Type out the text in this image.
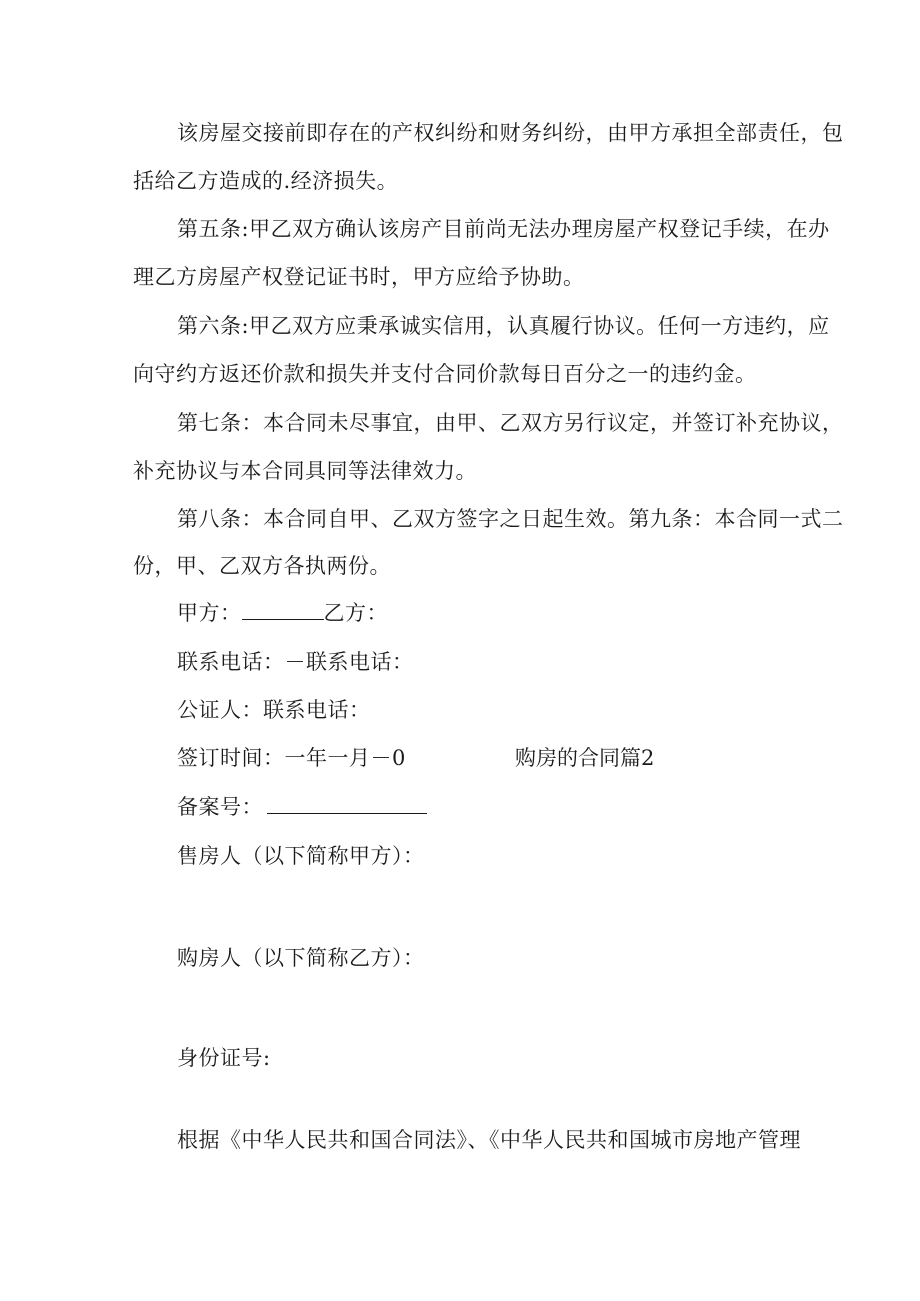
该房屋交接前即存在的产权纠纷和财务纠纷，由甲方承担全部责任，包
括给乙方造成的.经济损失。
第五条:甲乙双方确认该房产目前尚无法办理房屋产权登记手续，在办
理乙方房屋产权登记证书时，甲方应给予协助。
第六条:甲乙双方应秉承诚实信用，认真履行协议。任何一方违约，应
向守约方返还价款和损失并支付合同价款每日百分之一的违约金。
第七条：本合同未尽事宜，由甲、乙双方另行议定，并签订补充协议，
补充协议与本合同具同等法律效力。
第八条：本合同自甲、乙双方签字之日起生效。第九条：本合同一式二
份，甲、乙双方各执两份。
甲方：	乙方：
联系电话：－联系电话：
公证人：联系电话：
签订时间：一年一月－0	购房的合同篇2
备案号：
售房人（以下简称甲方）：
购房人（以下简称乙方）：
身份证号:
根据《中华人民共和国合同法》、《中华人民共和国城市房地产管理
